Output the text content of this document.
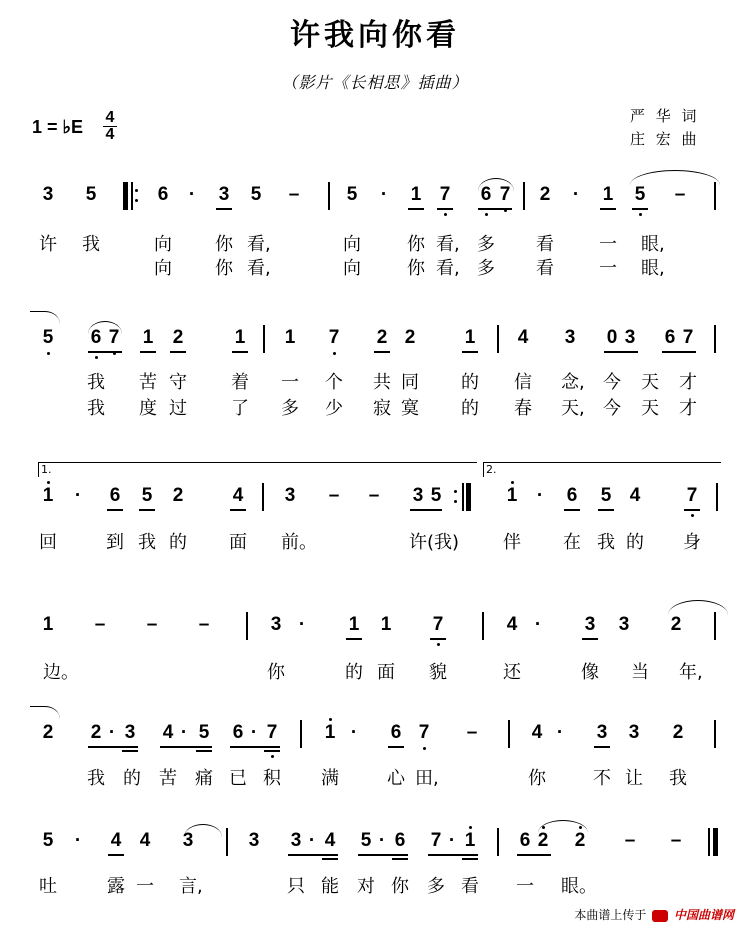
许我向你看
（影片《长相思》插曲）
1 = ♭E 4
4
严 华 词
庄 宏 曲
3 5	6 · 3 5 – 5 · 1 7 6 7 2 · 1 5 –
许 我	向 你 看,	向	你 看, 多 看	一 眼,
向 你 看,	向	你 看, 多 看	一 眼,
5 6 7 1 2	1 1 7 2 2	1 4 3 0 3 6 7
我 苦 守 着 一 个 共 同 的 信 念, 今 天 才
我 度 过 了 多 少 寂 寞 的 春 天, 今 天 才
1.	2.
1 · 6 5 2	4 3 – – 3 5	1 · 6 5 4 7
回	到 我 的 面 前。	许(我) 伴 在 我 的 身
1 – – –	3 · 1 1 7	4 · 3 3 2
边。	你	的 面 貌	还	像 当 年,
2 2 · 3 4 · 5 6 · 7 1 · 6 7 –	4 · 3 3 2
我 的 苦 痛 已 积 满	心 田,	你	不 让 我
5 · 4 4 3	3 3 · 4 5 · 6 7 · 1 6 2 2 – –
吐	露 一 言,	只 能 对 你 多 看 一 眼。
本曲谱上传于 中国曲谱网
